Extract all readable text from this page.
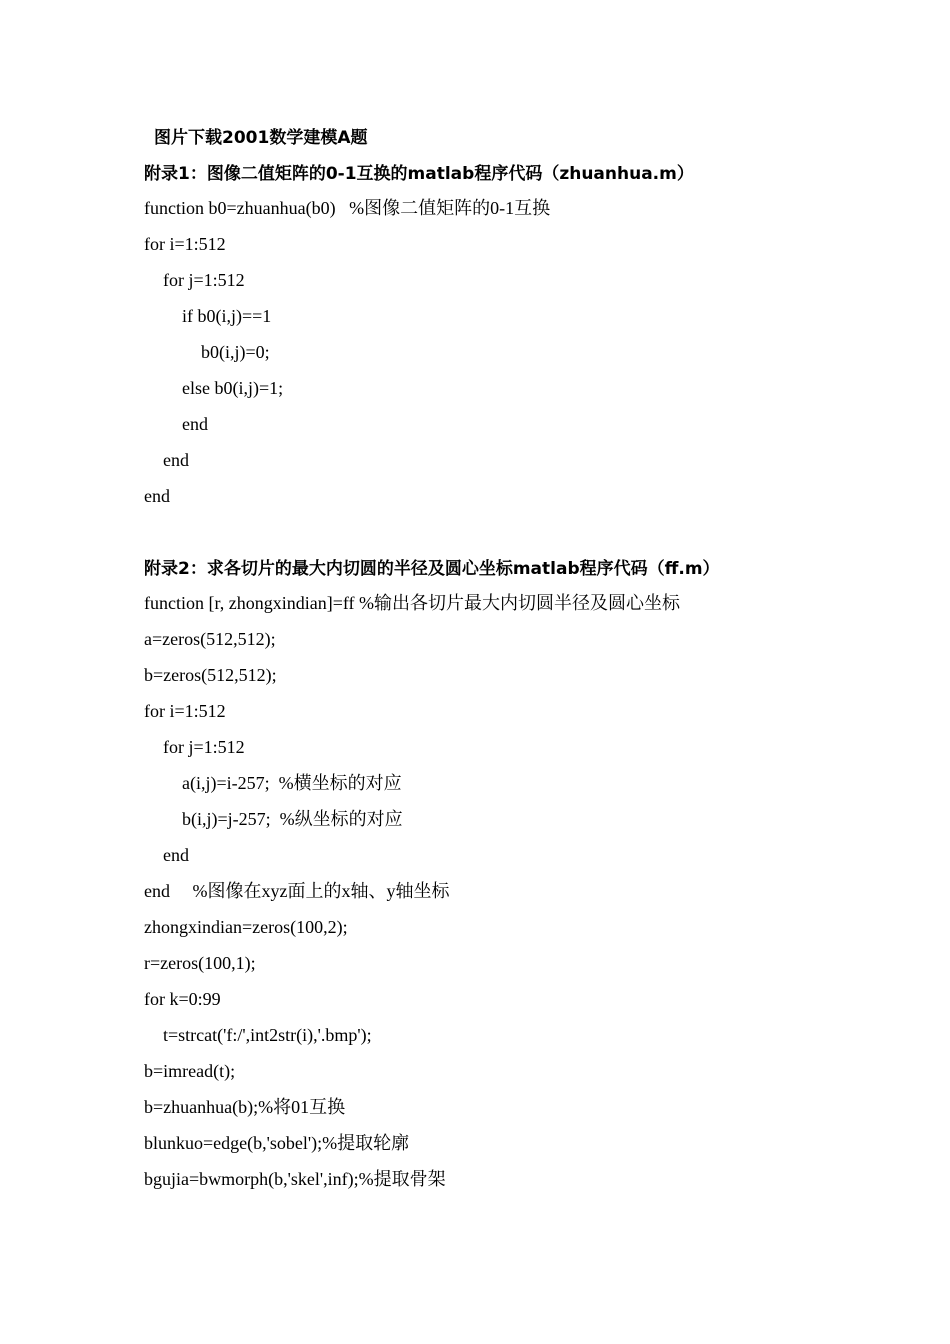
图片下载2001数学建模A题
附录1：图像二值矩阵的0-1互换的matlab程序代码（zhuanhua.m）
function b0=zhuanhua(b0)   %图像二值矩阵的0-1互换
for i=1:512
for j=1:512
if b0(i,j)==1
b0(i,j)=0;
else b0(i,j)=1;
end
end
end
附录2：求各切片的最大内切圆的半径及圆心坐标matlab程序代码（ff.m）
function [r, zhongxindian]=ff %输出各切片最大内切圆半径及圆心坐标
a=zeros(512,512);
b=zeros(512,512);
for i=1:512
for j=1:512
a(i,j)=i-257;  %横坐标的对应
b(i,j)=j-257;  %纵坐标的对应
end
end     %图像在xyz面上的x轴、y轴坐标
zhongxindian=zeros(100,2);
r=zeros(100,1);
for k=0:99
t=strcat('f:/',int2str(i),'.bmp');
b=imread(t);
b=zhuanhua(b);%将01互换
blunkuo=edge(b,'sobel');%提取轮廓
bgujia=bwmorph(b,'skel',inf);%提取骨架
